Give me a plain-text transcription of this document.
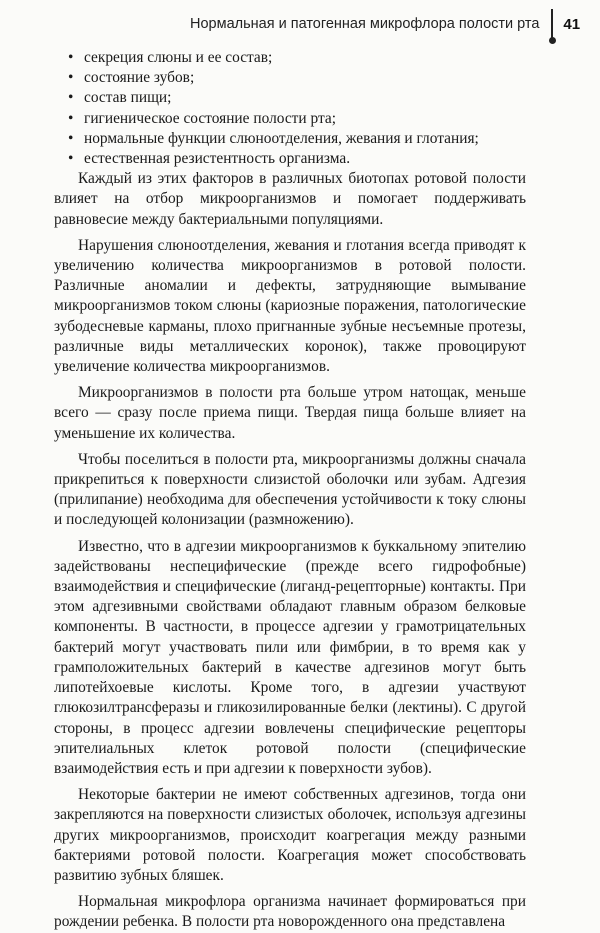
Нормальная и патогенная микрофлора полости рта 41
• секреция слюны и ее состав;
• состояние зубов;
• состав пищи;
• гигиеническое состояние полости рта;
• нормальные функции слюноотделения, жевания и глотания;
• естественная резистентность организма.

Каждый из этих факторов в различных биотопах ротовой полости влияет на отбор микроорганизмов и помогает поддерживать равновесие между бактериальными популяциями.

Нарушения слюноотделения, жевания и глотания всегда приводят к увеличению количества микроорганизмов в ротовой полости. Различные аномалии и дефекты, затрудняющие вымывание микроорганизмов током слюны (кариозные поражения, патологические зубодесневые карманы, плохо пригнанные зубные несъемные протезы, различные виды металлических коронок), также провоцируют увеличение количества микроорганизмов.

Микроорганизмов в полости рта больше утром натощак, меньше всего — сразу после приема пищи. Твердая пища больше влияет на уменьшение их количества.

Чтобы поселиться в полости рта, микроорганизмы должны сначала прикрепиться к поверхности слизистой оболочки или зубам. Адгезия (прилипание) необходима для обеспечения устойчивости к току слюны и последующей колонизации (размножению).

Известно, что в адгезии микроорганизмов к буккальному эпителию задействованы неспецифические (прежде всего гидрофобные) взаимодействия и специфические (лиганд-рецепторные) контакты. При этом адгезивными свойствами обладают главным образом белковые компоненты. В частности, в процессе адгезии у грамотрицательных бактерий могут участвовать пили или фимбрии, в то время как у грамположительных бактерий в качестве адгезинов могут быть липотейхоевые кислоты. Кроме того, в адгезии участвуют глюкозилтрансферазы и гликозилированные белки (лектины). С другой стороны, в процесс адгезии вовлечены специфические рецепторы эпителиальных клеток ротовой полости (специфические взаимодействия есть и при адгезии к поверхности зубов).

Некоторые бактерии не имеют собственных адгезинов, тогда они закрепляются на поверхности слизистых оболочек, используя адгезины других микроорганизмов, происходит коагрегация между разными бактериями ротовой полости. Коагрегация может способствовать развитию зубных бляшек.

Нормальная микрофлора организма начинает формироваться при рождении ребенка. В полости рта новорожденного она представлена
